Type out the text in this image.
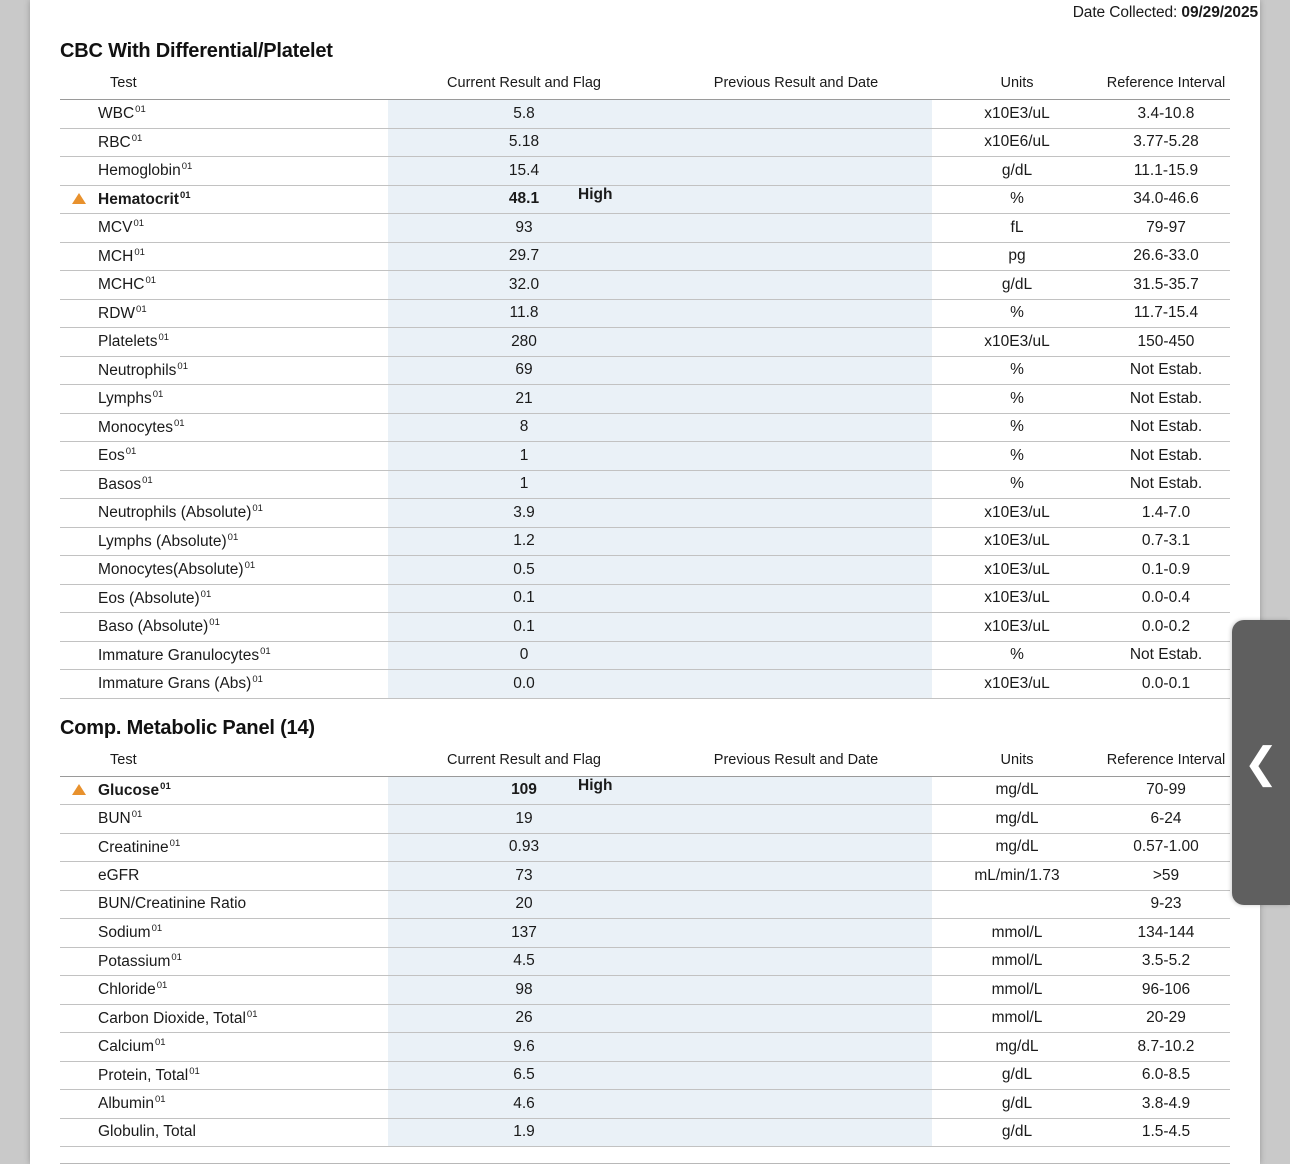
Date Collected: 09/29/2025
CBC With Differential/Platelet
	Test	Current Result and Flag	Previous Result and Date	Units	Reference Interval
	WBC$^{01}$	5.8		x10E3/uL	3.4-10.8
	RBC$^{01}$	5.18		x10E6/uL	3.77-5.28
	Hemoglobin$^{01}$	15.4		g/dL	11.1-15.9
	Hematocrit$^{01}$	48.1 High		%	34.0-46.6
	MCV$^{01}$	93		fL	79-97
	MCH$^{01}$	29.7		pg	26.6-33.0
	MCHC$^{01}$	32.0		g/dL	31.5-35.7
	RDW$^{01}$	11.8		%	11.7-15.4
	Platelets$^{01}$	280		x10E3/uL	150-450
	Neutrophils$^{01}$	69		%	Not Estab.
	Lymphs$^{01}$	21		%	Not Estab.
	Monocytes$^{01}$	8		%	Not Estab.
	Eos$^{01}$	1		%	Not Estab.
	Basos$^{01}$	1		%	Not Estab.
	Neutrophils (Absolute)$^{01}$	3.9		x10E3/uL	1.4-7.0
	Lymphs (Absolute)$^{01}$	1.2		x10E3/uL	0.7-3.1
	Monocytes(Absolute)$^{01}$	0.5		x10E3/uL	0.1-0.9
	Eos (Absolute)$^{01}$	0.1		x10E3/uL	0.0-0.4
	Baso (Absolute)$^{01}$	0.1		x10E3/uL	0.0-0.2
	Immature Granulocytes$^{01}$	0		%	Not Estab.
	Immature Grans (Abs)$^{01}$	0.0		x10E3/uL	0.0-0.1
Comp. Metabolic Panel (14)
	Test	Current Result and Flag	Previous Result and Date	Units	Reference Interval
	Glucose$^{01}$	109 High		mg/dL	70-99
	BUN$^{01}$	19		mg/dL	6-24
	Creatinine$^{01}$	0.93		mg/dL	0.57-1.00
	eGFR	73		mL/min/1.73	>59
	BUN/Creatinine Ratio	20			9-23
	Sodium$^{01}$	137		mmol/L	134-144
	Potassium$^{01}$	4.5		mmol/L	3.5-5.2
	Chloride$^{01}$	98		mmol/L	96-106
	Carbon Dioxide, Total$^{01}$	26		mmol/L	20-29
	Calcium$^{01}$	9.6		mg/dL	8.7-10.2
	Protein, Total$^{01}$	6.5		g/dL	6.0-8.5
	Albumin$^{01}$	4.6		g/dL	3.8-4.9
	Globulin, Total	1.9		g/dL	1.5-4.5
❮
